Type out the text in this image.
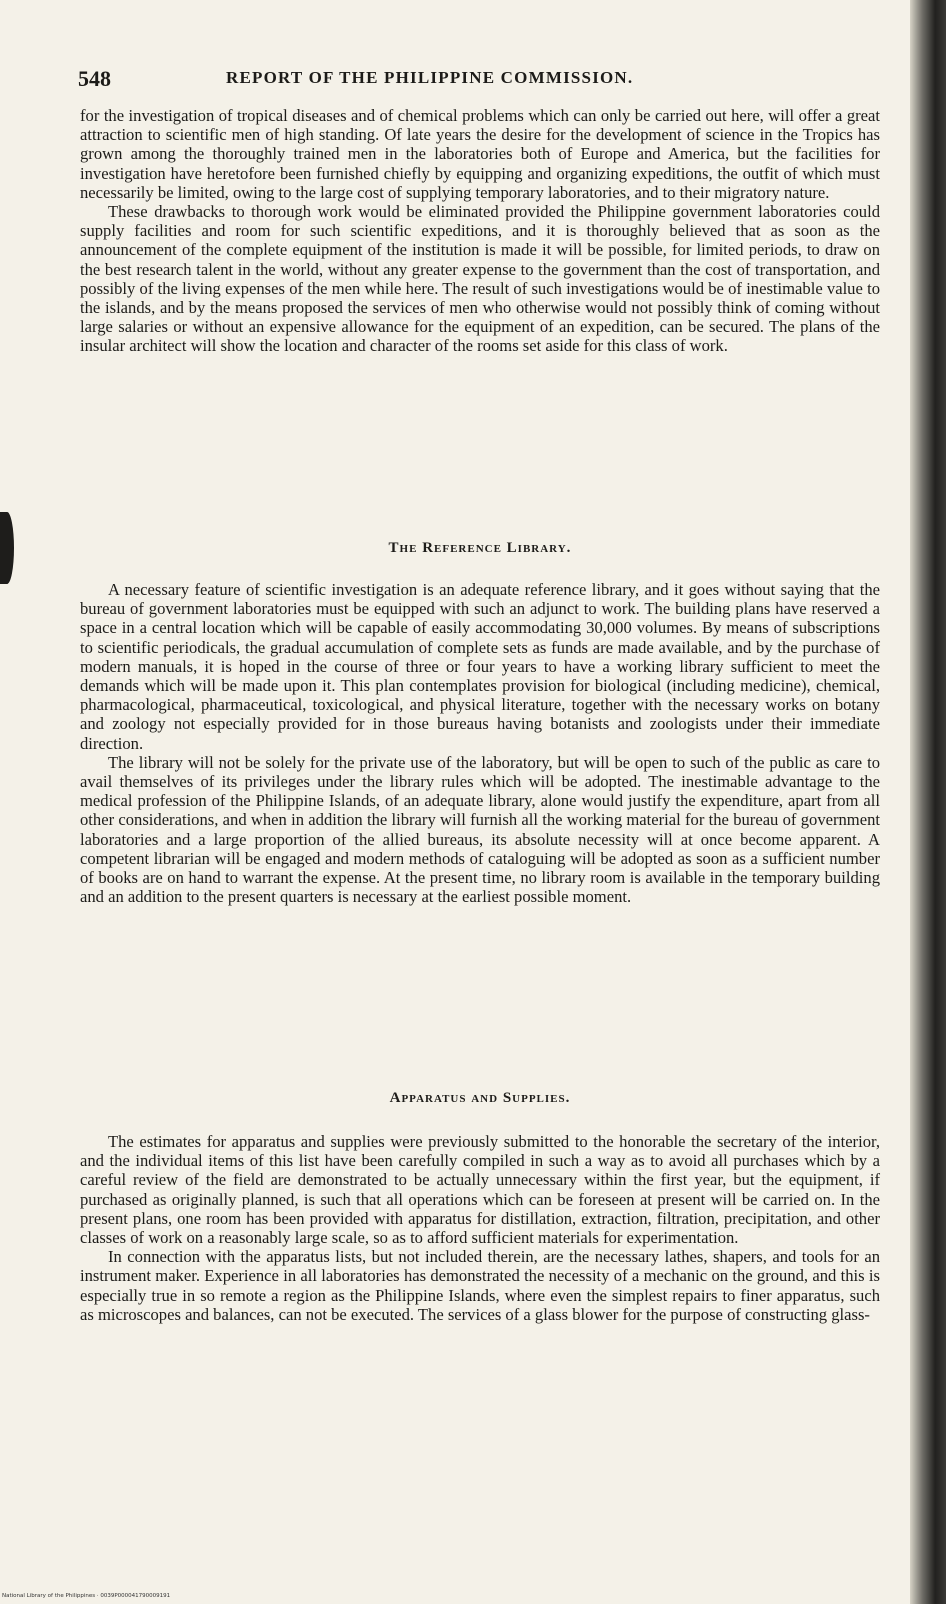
548	REPORT OF THE PHILIPPINE COMMISSION.

for the investigation of tropical diseases and of chemical problems which can only be carried out here, will offer a great attraction to scientific men of high standing. Of late years the desire for the development of science in the Tropics has grown among the thoroughly trained men in the laboratories both of Europe and America, but the facilities for investigation have heretofore been furnished chiefly by equipping and organizing expeditions, the outfit of which must necessarily be limited, owing to the large cost of supplying temporary laboratories, and to their migratory nature.

These drawbacks to thorough work would be eliminated provided the Philippine government laboratories could supply facilities and room for such scientific expeditions, and it is thoroughly believed that as soon as the announcement of the complete equipment of the institution is made it will be possible, for limited periods, to draw on the best research talent in the world, without any greater expense to the government than the cost of transportation, and possibly of the living expenses of the men while here. The result of such investigations would be of inestimable value to the islands, and by the means proposed the services of men who otherwise would not possibly think of coming without large salaries or without an expensive allowance for the equipment of an expedition, can be secured. The plans of the insular architect will show the location and character of the rooms set aside for this class of work.

The Reference Library.

A necessary feature of scientific investigation is an adequate reference library, and it goes without saying that the bureau of government laboratories must be equipped with such an adjunct to work. The building plans have reserved a space in a central location which will be capable of easily accommodating 30,000 volumes. By means of subscriptions to scientific periodicals, the gradual accumulation of complete sets as funds are made available, and by the purchase of modern manuals, it is hoped in the course of three or four years to have a working library sufficient to meet the demands which will be made upon it. This plan contemplates provision for biological (including medicine), chemical, pharmacological, pharmaceutical, toxicological, and physical literature, together with the necessary works on botany and zoology not especially provided for in those bureaus having botanists and zoologists under their immediate direction.

The library will not be solely for the private use of the laboratory, but will be open to such of the public as care to avail themselves of its privileges under the library rules which will be adopted. The inestimable advantage to the medical profession of the Philippine Islands, of an adequate library, alone would justify the expenditure, apart from all other considerations, and when in addition the library will furnish all the working material for the bureau of government laboratories and a large proportion of the allied bureaus, its absolute necessity will at once become apparent. A competent librarian will be engaged and modern methods of cataloguing will be adopted as soon as a sufficient number of books are on hand to warrant the expense. At the present time, no library room is available in the temporary building and an addition to the present quarters is necessary at the earliest possible moment.

Apparatus and Supplies.

The estimates for apparatus and supplies were previously submitted to the honorable the secretary of the interior, and the individual items of this list have been carefully compiled in such a way as to avoid all purchases which by a careful review of the field are demonstrated to be actually unnecessary within the first year, but the equipment, if purchased as originally planned, is such that all operations which can be foreseen at present will be carried on. In the present plans, one room has been provided with apparatus for distillation, extraction, filtration, precipitation, and other classes of work on a reasonably large scale, so as to afford sufficient materials for experimentation.

In connection with the apparatus lists, but not included therein, are the necessary lathes, shapers, and tools for an instrument maker. Experience in all laboratories has demonstrated the necessity of a mechanic on the ground, and this is especially true in so remote a region as the Philippine Islands, where even the simplest repairs to finer apparatus, such as microscopes and balances, can not be executed. The services of a glass blower for the purpose of constructing glass-

National Library of the Philippines · 0039P000041790009191
